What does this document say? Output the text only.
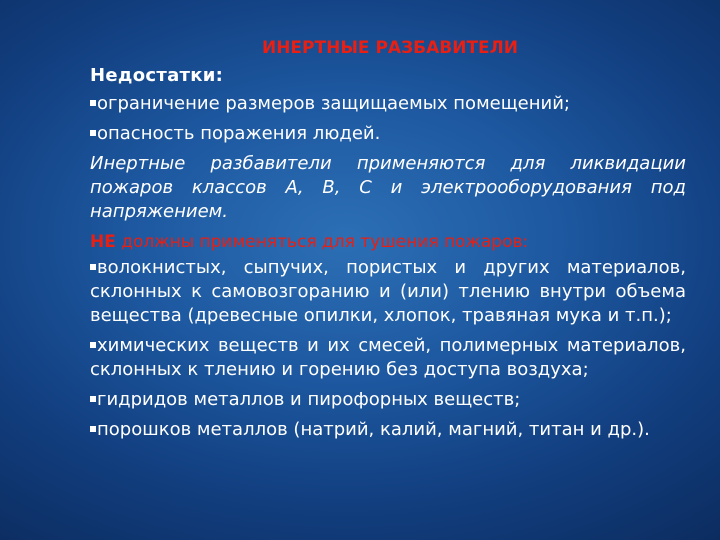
ИНЕРТНЫЕ РАЗБАВИТЕЛИ

Недостатки:

ограничение размеров защищаемых помещений;

опасность поражения людей.

Инертные разбавители применяются для ликвидации пожаров классов А, В, С и электрооборудования под напряжением.

НЕ должны применяться для тушения пожаров:

волокнистых, сыпучих, пористых и других материалов, склонных к самовозгоранию и (или) тлению внутри объема вещества (древесные опилки, хлопок, травяная мука и т.п.);

химических веществ и их смесей, полимерных материалов, склонных к тлению и горению без доступа воздуха;

гидридов металлов и пирофорных веществ;

порошков металлов (натрий, калий, магний, титан и др.).
